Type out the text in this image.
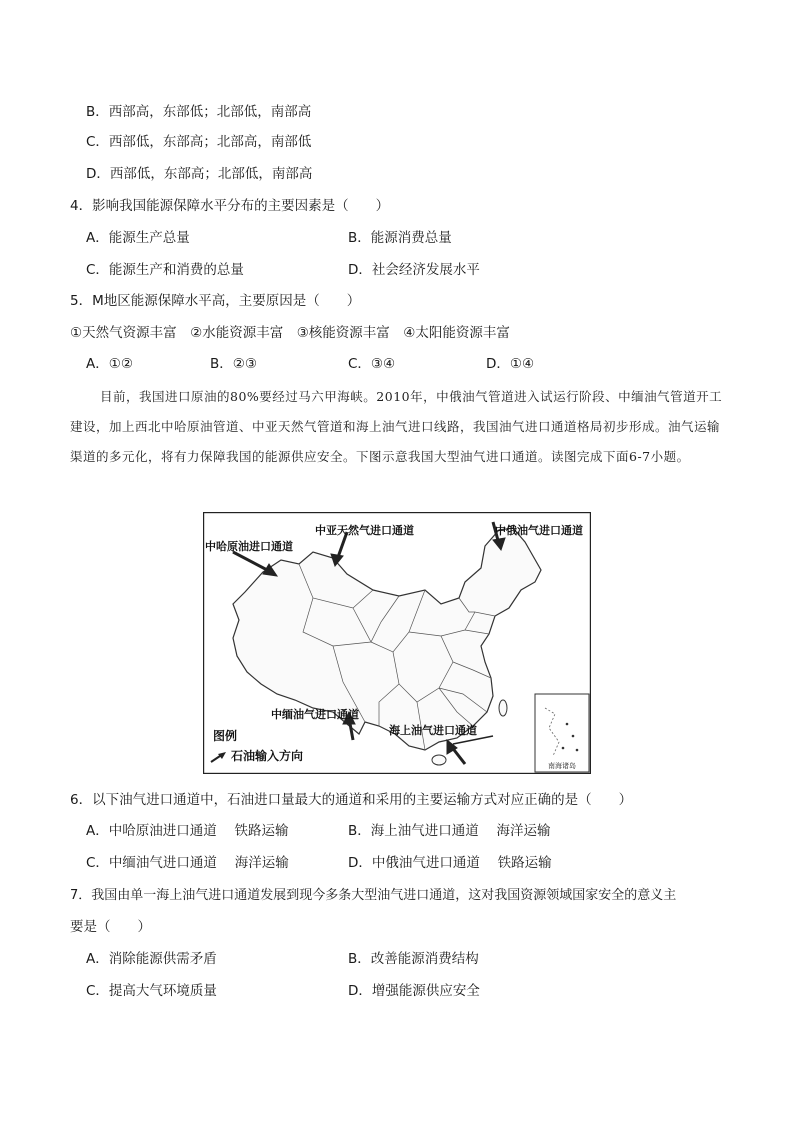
B．西部高，东部低；北部低，南部高
C．西部低，东部高；北部高，南部低
D．西部低，东部高；北部低，南部高
4．影响我国能源保障水平分布的主要因素是（　　）
A．能源生产总量	B．能源消费总量
C．能源生产和消费的总量	D．社会经济发展水平
5．M地区能源保障水平高，主要原因是（　　）
①天然气资源丰富　②水能资源丰富　③核能资源丰富　④太阳能资源丰富
A．①②	B．②③	C．③④	D．①④
目前，我国进口原油的80%要经过马六甲海峡。2010年，中俄油气管道进入试运行阶段、中缅油气管道开工建设，加上西北中哈原油管道、中亚天然气管道和海上油气进口线路，我国油气进口通道格局初步形成。油气运输渠道的多元化，将有力保障我国的能源供应安全。下图示意我国大型油气进口通道。读图完成下面6-7小题。
南海诸岛
中哈原油进口通道
中亚天然气进口通道	中俄油气进口通道
中缅油气进口通道
海上油气进口通道
图例
石油输入方向
6．以下油气进口通道中，石油进口量最大的通道和采用的主要运输方式对应正确的是（　　）
A．中哈原油进口通道　 铁路运输	B．海上油气进口通道　 海洋运输
C．中缅油气进口通道　 海洋运输	D．中俄油气进口通道　 铁路运输
7．我国由单一海上油气进口通道发展到现今多条大型油气进口通道，这对我国资源领域国家安全的意义主
要是（　　）
A．消除能源供需矛盾	B．改善能源消费结构
C．提高大气环境质量	D．增强能源供应安全
